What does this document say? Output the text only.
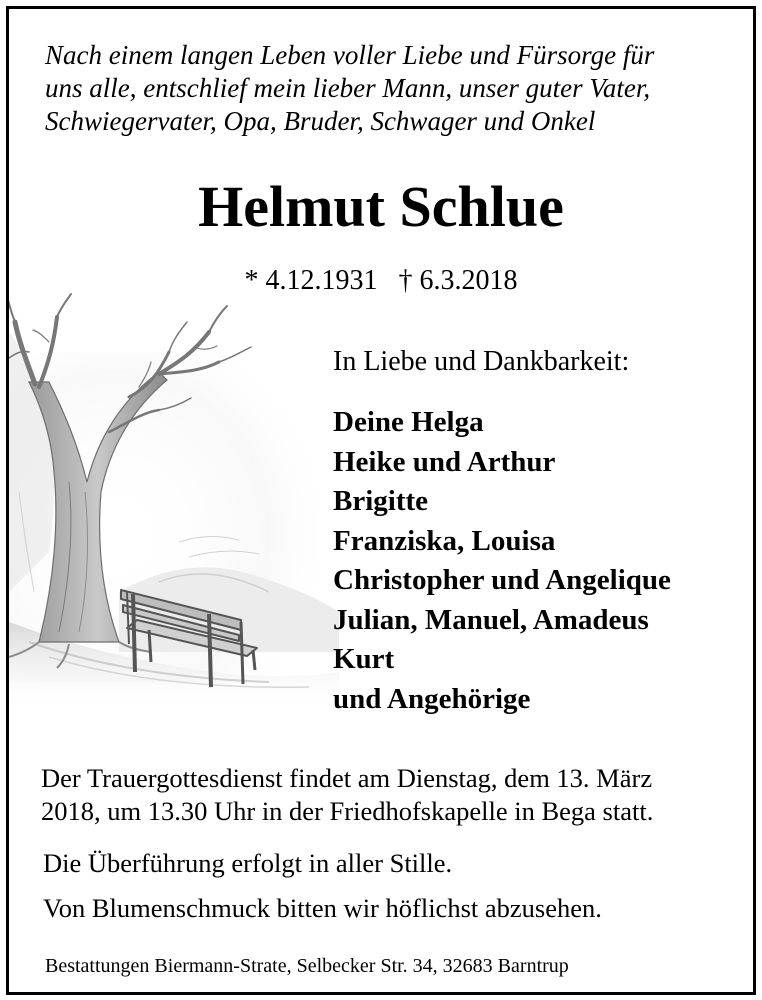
Nach einem langen Leben voller Liebe und Fürsorge für
uns alle, entschlief mein lieber Mann, unser guter Vater,
Schwiegervater, Opa, Bruder, Schwager und Onkel
Helmut Schlue
* 4.12.1931 † 6.3.2018
In Liebe und Dankbarkeit:
Deine Helga
Heike und Arthur
Brigitte
Franziska, Louisa
Christopher und Angelique
Julian, Manuel, Amadeus
Kurt
und Angehörige
Der Trauergottesdienst findet am Dienstag, dem 13. März
2018, um 13.30 Uhr in der Friedhofskapelle in Bega statt.
Die Überführung erfolgt in aller Stille.
Von Blumenschmuck bitten wir höflichst abzusehen.
Bestattungen Biermann-Strate, Selbecker Str. 34, 32683 Barntrup
